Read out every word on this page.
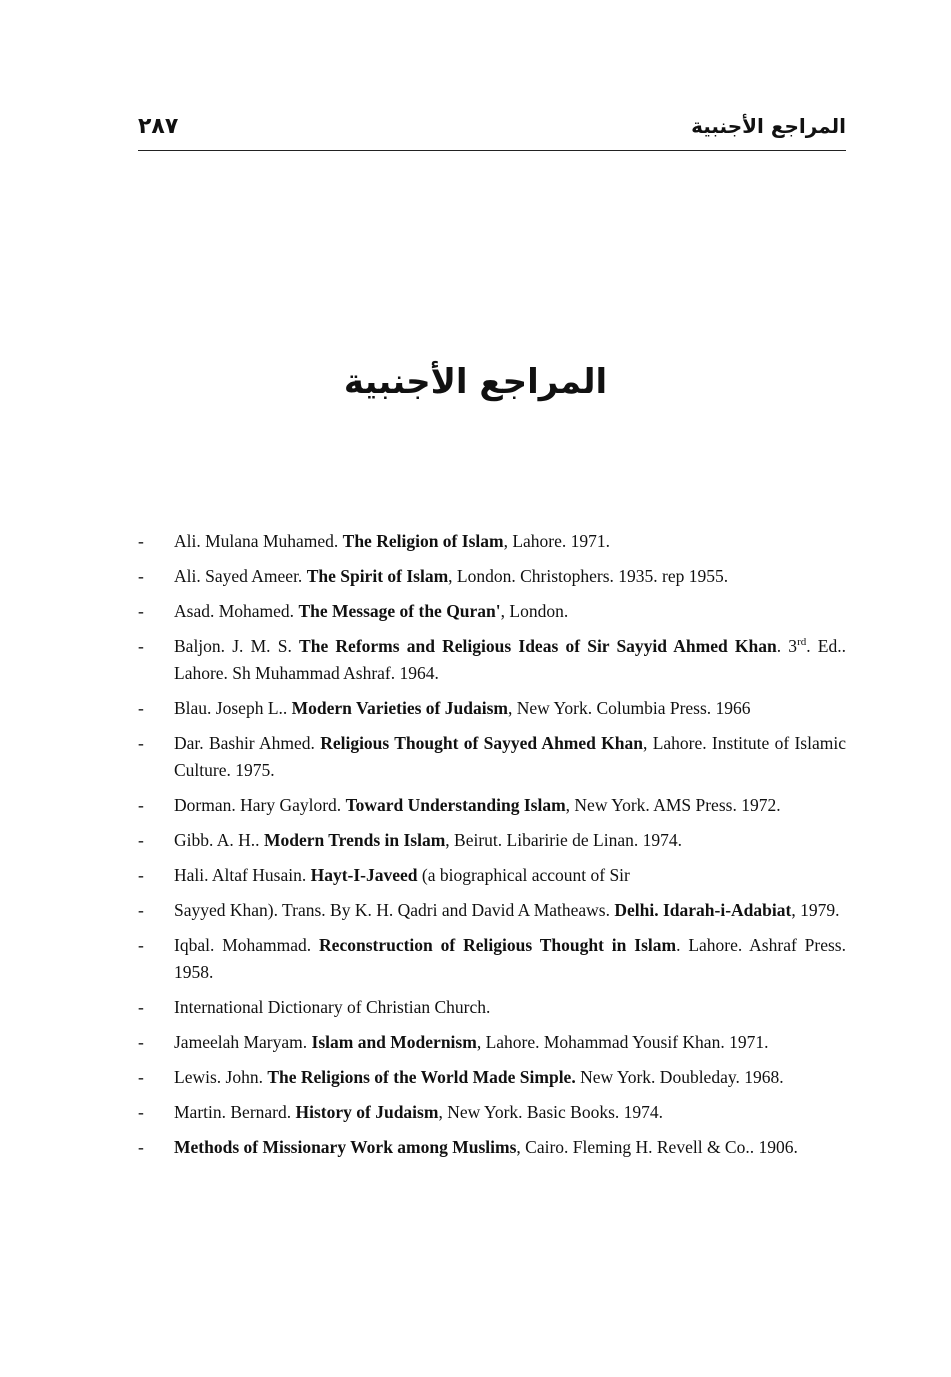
٢٨٧	المراجع الأجنبية
المراجع الأجنبية
- Ali. Mulana Muhamed. The Religion of Islam, Lahore. 1971.
- Ali. Sayed Ameer. The Spirit of Islam, London. Christophers. 1935. rep 1955.
- Asad. Mohamed. The Message of the Quran', London.
- Baljon. J. M. S. The Reforms and Religious Ideas of Sir Sayyid Ahmed Khan. 3rd. Ed.. Lahore. Sh Muhammad Ashraf. 1964.
- Blau. Joseph L.. Modern Varieties of Judaism, New York. Columbia Press. 1966
- Dar. Bashir Ahmed. Religious Thought of Sayyed Ahmed Khan, Lahore. Institute of Islamic Culture. 1975.
- Dorman. Hary Gaylord. Toward Understanding Islam, New York. AMS Press. 1972.
- Gibb. A. H.. Modern Trends in Islam, Beirut. Libaririe de Linan. 1974.
- Hali. Altaf Husain. Hayt-I-Javeed (a biographical account of Sir
- Sayyed Khan). Trans. By K. H. Qadri and David A Matheaws. Delhi. Idarah-i-Adabiat, 1979.
- Iqbal. Mohammad. Reconstruction of Religious Thought in Islam. Lahore. Ashraf Press. 1958.
- International Dictionary of Christian Church.
- Jameelah Maryam. Islam and Modernism, Lahore. Mohammad Yousif Khan. 1971.
- Lewis. John. The Religions of the World Made Simple. New York. Doubleday. 1968.
- Martin. Bernard. History of Judaism, New York. Basic Books. 1974.
- Methods of Missionary Work among Muslims, Cairo. Fleming H. Revell & Co.. 1906.
